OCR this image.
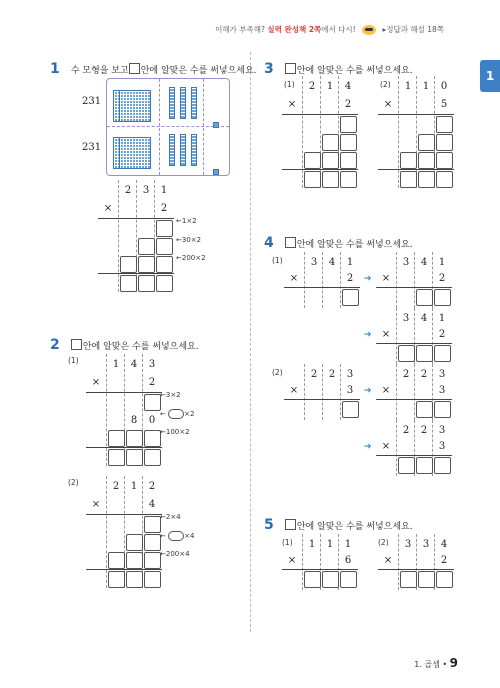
이해가 부족해? 실력 완성책 2쪽에서 다시!	▸정답과 해설 18쪽
1
1 수 모형을 보고 안에 알맞은 수를 써넣으세요.

231
231
2	3	1
×	2
←1×2
←30×2
←200×2
2	안에 알맞은 수를 써넣으세요.
(1)	1	4	3
×	2
8	0
←3×2
← ×2
←100×2
(2)	2	1	2
×	4
←2×4
← ×4
←200×4
3	안에 알맞은 수를 써넣으세요.
(1)	2	1	4
×	2
(2)	1	1	0
×	5
4	안에 알맞은 수를 써넣으세요.
(1)	3	4	1
×	2	➔
3	4	1
×	2
➔
3	4	1
×	2
(2)	2	2	3
×	3	➔
2	2	3
×	3
➔
2	2	3
×	3
5	안에 알맞은 수를 써넣으세요.
(1)	1	1	1
×	6
(2)	3	3	4
×	2
1. 곱셈 • 9
